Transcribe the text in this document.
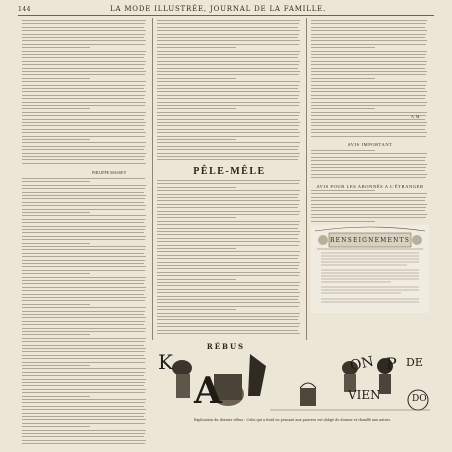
144	LA MODE ILLUSTRÉE, JOURNAL DE LA FAMILLE.
PHILIPPE MASSEY	PÊLE-MÊLE
AVIS IMPORTANT
AVIS POUR LES ABONNÉS A L'ÉTRANGER
A. M.
RENSEIGNEMENTS
RÉBUS
K	ON P DE
A	VIEN	DO
Explication du dernier rébus : Celui qui a froid en pensant aux pauvres est obligé de donner et chauffé aux autres.
